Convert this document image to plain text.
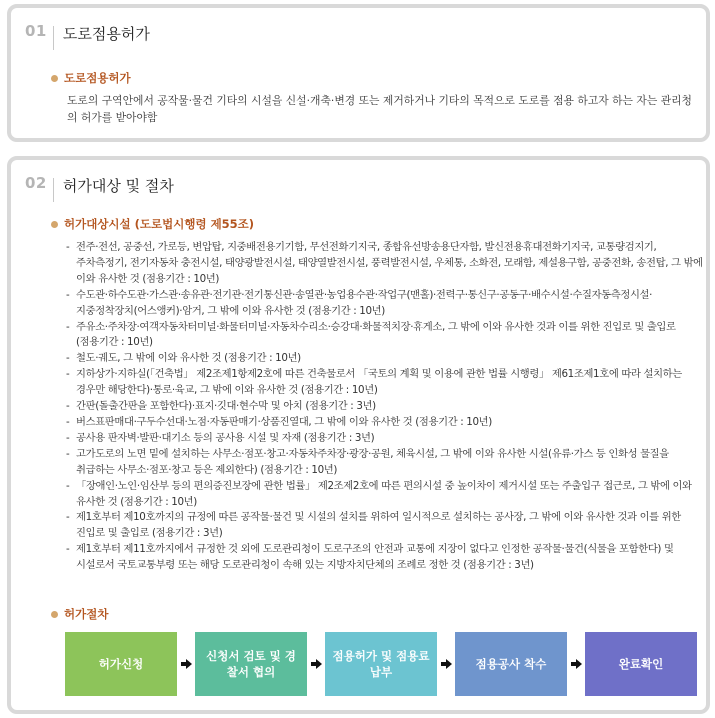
01	도로점용허가
도로점용허가

도로의 구역안에서 공작물·물건 기타의 시설을 신설·개축·변경 또는 제거하거나 기타의 목적으로 도로를 점용 하고자 하는 자는 관리청의 허가를 받아야함

02	허가대상 및 절차
허가대상시설 (도로법시행령 제55조)
- 전주·전선, 공중선, 가로등, 변압탑, 지중배전용기기함, 무선전화기지국, 종합유선방송용단자함, 발신전용휴대전화기지국, 교통량검지기, 주차측정기, 전기자동차 충전시설, 태양광발전시설, 태양열발전시설, 풍력발전시설, 우체통, 소화전, 모래함, 제설용구함, 공중전화, 송전탑, 그 밖에 이와 유사한 것 (점용기간 : 10년)
- 수도관·하수도관·가스관·송유관·전기관·전기통신관·송열관·농업용수관·작업구(맨홀)·전력구·통신구·공동구·배수시설·수질자동측정시설·지중정착장치(어스앵커)·암거, 그 밖에 이와 유사한 것 (점용기간 : 10년)
- 주유소·주차장·여객자동차터미널·화물터미널·자동차수리소·승강대·화물적치장·휴게소, 그 밖에 이와 유사한 것과 이를 위한 진입로 및 출입로 (점용기간 : 10년)
- 철도·궤도, 그 밖에 이와 유사한 것 (점용기간 : 10년)
- 지하상가·지하실(「건축법」 제2조제1항제2호에 따른 건축물로서 「국토의 계획 및 이용에 관한 법률 시행령」 제61조제1호에 따라 설치하는 경우만 해당한다)·통로·육교, 그 밖에 이와 유사한 것 (점용기간 : 10년)
- 간판(돌출간판을 포함한다)·표지·깃대·현수막 및 아치 (점용기간 : 3년)
- 버스표판매대·구두수선대·노점·자동판매기·상품진열대, 그 밖에 이와 유사한 것 (점용기간 : 10년)
- 공사용 판자벽·발판·대기소 등의 공사용 시설 및 자재 (점용기간 : 3년)
- 고가도로의 노면 밑에 설치하는 사무소·점포·창고·자동차주차장·광장·공원, 체육시설, 그 밖에 이와 유사한 시설(유류·가스 등 인화성 물질을 취급하는 사무소·점포·창고 등은 제외한다) (점용기간 : 10년)
- 「장애인·노인·임산부 등의 편의증진보장에 관한 법률」 제2조제2호에 따른 편의시설 중 높이차이 제거시설 또는 주출입구 접근로, 그 밖에 이와 유사한 것 (점용기간 : 10년)
- 제1호부터 제10호까지의 규정에 따른 공작물·물건 및 시설의 설치를 위하여 일시적으로 설치하는 공사장, 그 밖에 이와 유사한 것과 이를 위한 진입로 및 출입로 (점용기간 : 3년)
- 제1호부터 제11호까지에서 규정한 것 외에 도로관리청이 도로구조의 안전과 교통에 지장이 없다고 인정한 공작물·물건(식물을 포함한다) 및 시설로서 국토교통부령 또는 해당 도로관리청이 속해 있는 지방자치단체의 조례로 정한 것 (점용기간 : 3년)
허가절차
허가신청
신청서 검토 및 경찰서 협의
점용허가 및 점용료 납부
점용공사 착수	완료확인
